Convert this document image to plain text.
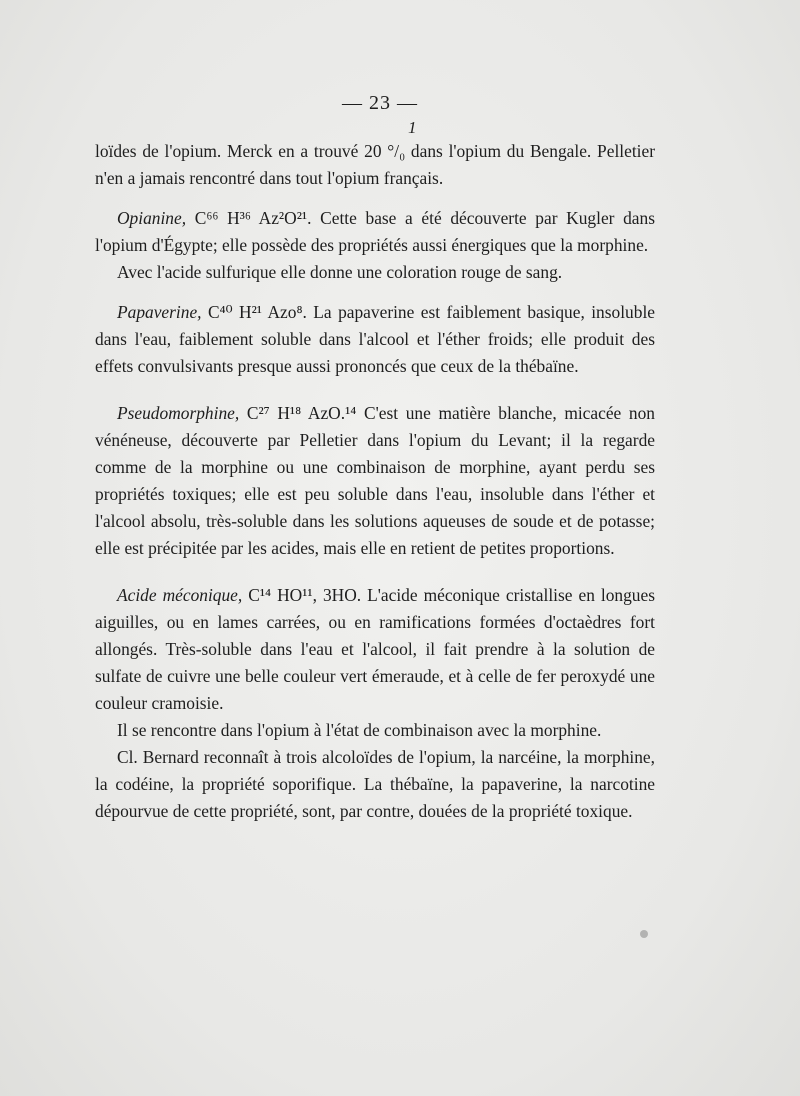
— 23 —
1

loïdes de l'opium. Merck en a trouvé 20 °/₀ dans l'opium du Bengale. Pelletier n'en a jamais rencontré dans tout l'opium français.

Opianine, C⁶⁶ H³⁶ Az²O²¹. Cette base a été découverte par Kugler dans l'opium d'Égypte; elle possède des propriétés aussi énergiques que la morphine.

Avec l'acide sulfurique elle donne une coloration rouge de sang.

Papaverine, C⁴⁰ H²¹ Azo⁸. La papaverine est faiblement basique, insoluble dans l'eau, faiblement soluble dans l'alcool et l'éther froids; elle produit des effets convulsivants presque aussi prononcés que ceux de la thébaïne.

Pseudomorphine, C²⁷ H¹⁸ AzO.¹⁴ C'est une matière blanche, micacée non vénéneuse, découverte par Pelletier dans l'opium du Levant; il la regarde comme de la morphine ou une combinaison de morphine, ayant perdu ses propriétés toxiques; elle est peu soluble dans l'eau, insoluble dans l'éther et l'alcool absolu, très-soluble dans les solutions aqueuses de soude et de potasse; elle est précipitée par les acides, mais elle en retient de petites proportions.

Acide méconique, C¹⁴ HO¹¹, 3HO. L'acide méconique cristallise en longues aiguilles, ou en lames carrées, ou en ramifications formées d'octaèdres fort allongés. Très-soluble dans l'eau et l'alcool, il fait prendre à la solution de sulfate de cuivre une belle couleur vert émeraude, et à celle de fer peroxydé une couleur cramoisie.

Il se rencontre dans l'opium à l'état de combinaison avec la morphine.

Cl. Bernard reconnaît à trois alcoloïdes de l'opium, la narcéine, la morphine, la codéine, la propriété soporifique. La thébaïne, la papaverine, la narcotine dépourvue de cette propriété, sont, par contre, douées de la propriété toxique.
